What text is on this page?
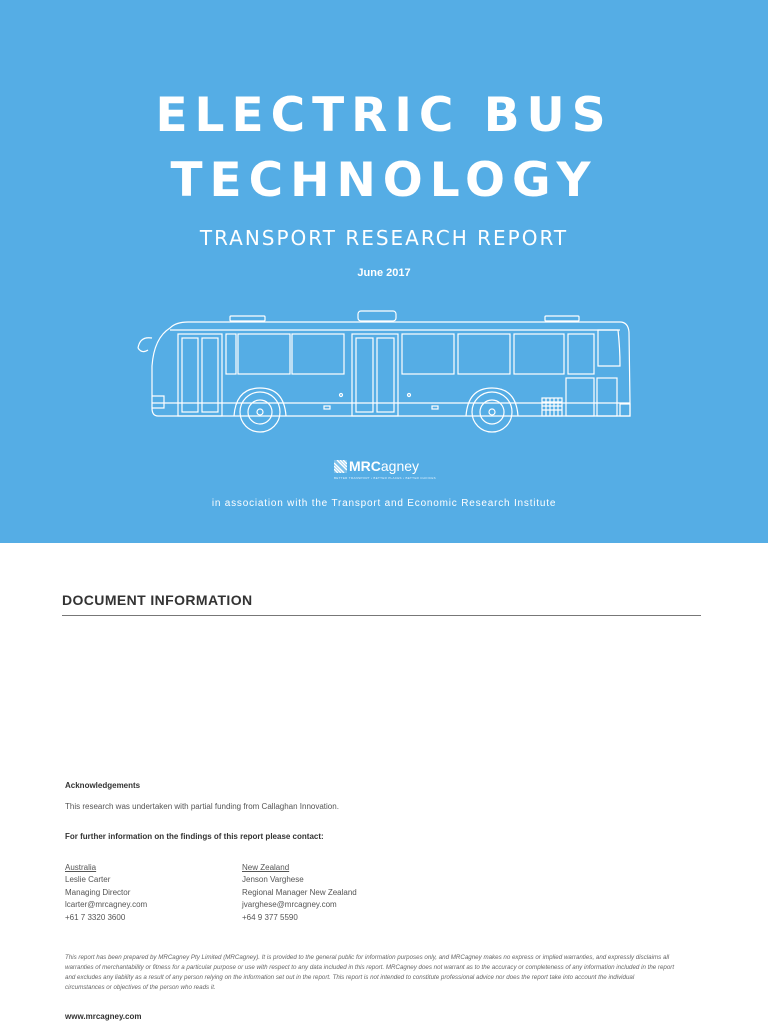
ELECTRIC BUS
TECHNOLOGY
TRANSPORT RESEARCH REPORT
June 2017
MRCagney
BETTER TRANSPORT • BETTER PLACES • BETTER CHOICES
in association with the Transport and Economic Research Institute
DOCUMENT INFORMATION
Acknowledgements
This research was undertaken with partial funding from Callaghan Innovation.
For further information on the findings of this report please contact:
Australia
Leslie Carter
Managing Director
lcarter@mrcagney.com
+61 7 3320 3600
New Zealand
Jenson Varghese
Regional Manager New Zealand
jvarghese@mrcagney.com
+64 9 377 5590
This report has been prepared by MRCagney Pty Limited (MRCagney). It is provided to the general public for information purposes only, and MRCagney makes no express or implied warranties, and expressly disclaims all warranties of merchantability or fitness for a particular purpose or use with respect to any data included in this report. MRCagney does not warrant as to the accuracy or completeness of any information included in the report and excludes any liability as a result of any person relying on the information set out in the report. This report is not intended to constitute professional advice nor does the report take into account the individual circumstances or objectives of the person who reads it.
www.mrcagney.com
